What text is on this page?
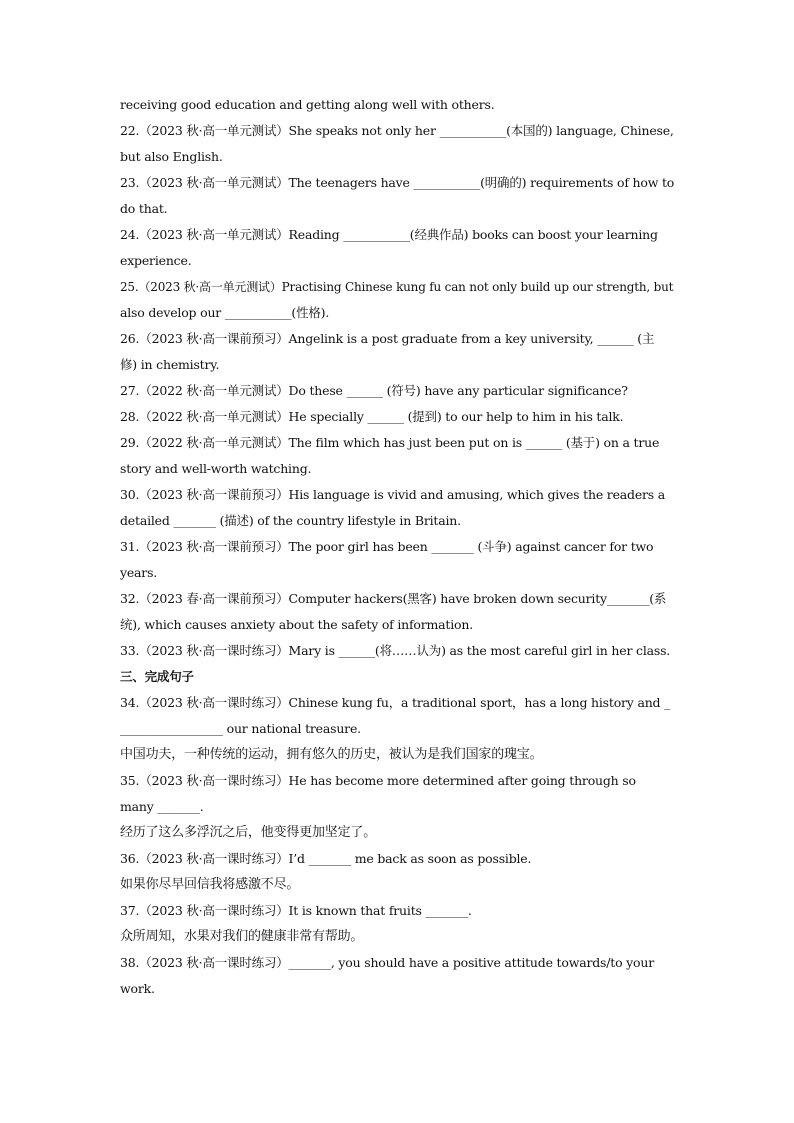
receiving good education and getting along well with others.
22.（2023 秋·高一单元测试）She speaks not only her ___________(本国的) language, Chinese,
but also English.
23.（2023 秋·高一单元测试）The teenagers have ___________(明确的) requirements of how to
do that.
24.（2023 秋·高一单元测试）Reading ___________(经典作品) books can boost your learning
experience.
25.（2023 秋·高一单元测试）Practising Chinese kung fu can not only build up our strength, but
also develop our ___________(性格).
26.（2023 秋·高一课前预习）Angelink is a post graduate from a key university, ______ (主
修) in chemistry.
27.（2022 秋·高一单元测试）Do these ______ (符号) have any particular significance?
28.（2022 秋·高一单元测试）He specially ______ (提到) to our help to him in his talk.
29.（2022 秋·高一单元测试）The film which has just been put on is ______ (基于) on a true
story and well-worth watching.
30.（2023 秋·高一课前预习）His language is vivid and amusing, which gives the readers a
detailed _______ (描述) of the country lifestyle in Britain.
31.（2023 秋·高一课前预习）The poor girl has been _______ (斗争) against cancer for two
years.
32.（2023 春·高一课前预习）Computer hackers(黑客) have broken down security_______(系
统), which causes anxiety about the safety of information.
33.（2023 秋·高一课时练习）Mary is ______(将……认为) as the most careful girl in her class.
三、完成句子
34.（2023 秋·高一课时练习）Chinese kung fu，a traditional sport，has a long history and _
_________________ our national treasure.
中国功夫，一种传统的运动，拥有悠久的历史，被认为是我们国家的瑰宝。
35.（2023 秋·高一课时练习）He has become more determined after going through so
many _______.
经历了这么多浮沉之后，他变得更加坚定了。
36.（2023 秋·高一课时练习）I’d _______ me back as soon as possible.
如果你尽早回信我将感激不尽。
37.（2023 秋·高一课时练习）It is known that fruits _______.
众所周知，水果对我们的健康非常有帮助。
38.（2023 秋·高一课时练习）_______, you should have a positive attitude towards/to your
work.
